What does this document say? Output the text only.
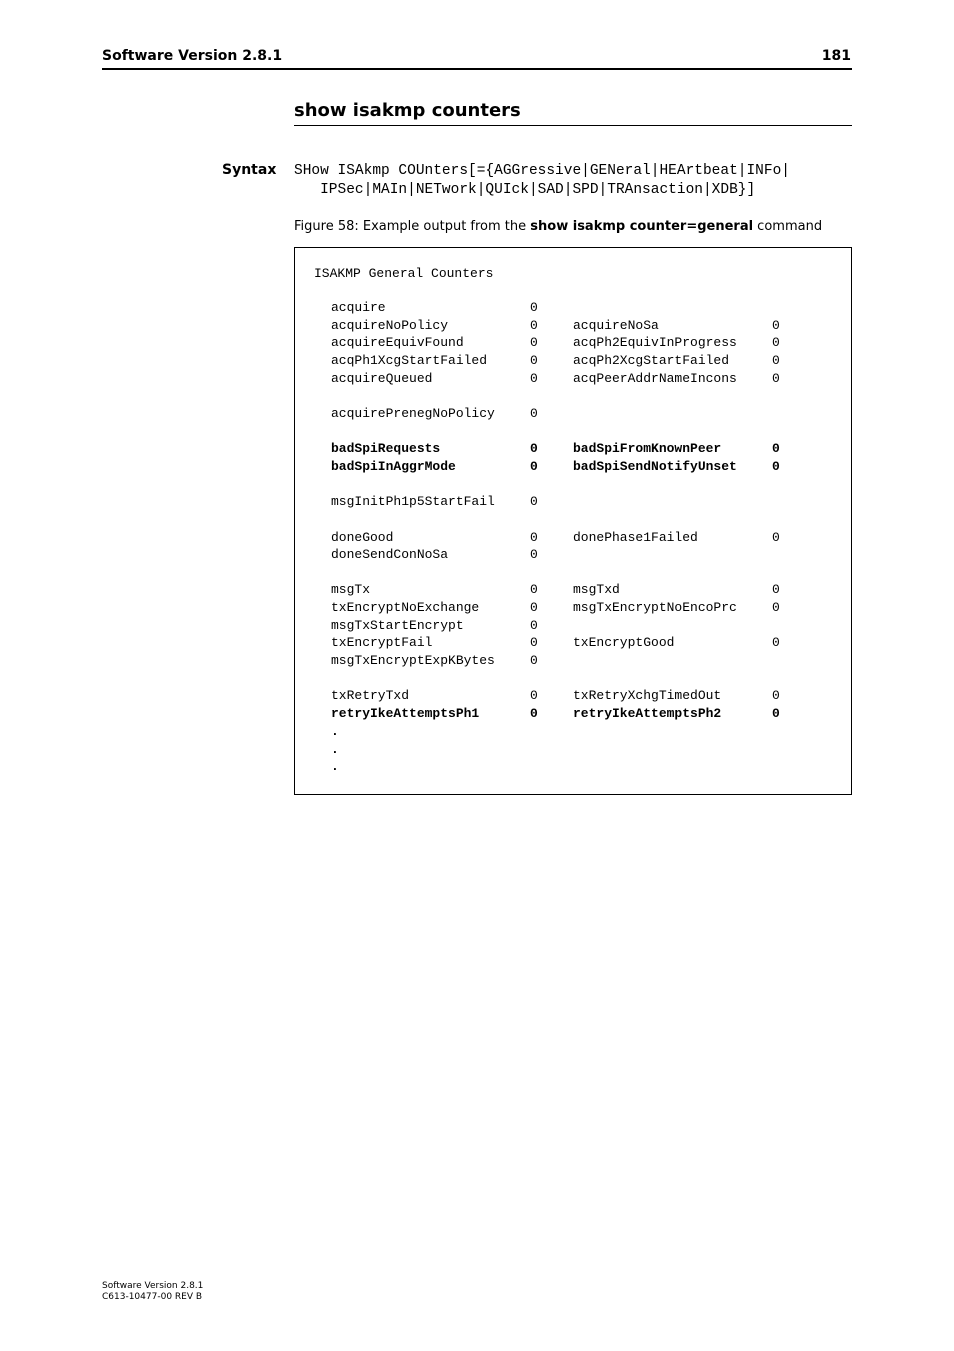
Software Version 2.8.1	181
show isakmp counters
Syntax SHow ISAkmp COUnters[={AGGressive|GENeral|HEArtbeat|INFo|
IPSec|MAIn|NETwork|QUIck|SAD|SPD|TRAnsaction|XDB}]
Figure 58: Example output from the show isakmp counter=general command
ISAKMP General Counters
acquire	0
acquireNoPolicy	0	acquireNoSa	0
acquireEquivFound	0	acqPh2EquivInProgress	0
acqPh1XcgStartFailed	0	acqPh2XcgStartFailed	0
acquireQueued	0	acqPeerAddrNameIncons	0
acquirePrenegNoPolicy	0
badSpiRequests	0	badSpiFromKnownPeer	0
badSpiInAggrMode	0	badSpiSendNotifyUnset	0
msgInitPh1p5StartFail	0
doneGood	0	donePhase1Failed	0
doneSendConNoSa	0
msgTx	0	msgTxd	0
txEncryptNoExchange	0	msgTxEncryptNoEncoPrc	0
msgTxStartEncrypt	0
txEncryptFail	0	txEncryptGood	0
msgTxEncryptExpKBytes	0
txRetryTxd	0	txRetryXchgTimedOut	0
retryIkeAttemptsPh1	0	retryIkeAttemptsPh2	0
.
.
.
Software Version 2.8.1
C613-10477-00 REV B
